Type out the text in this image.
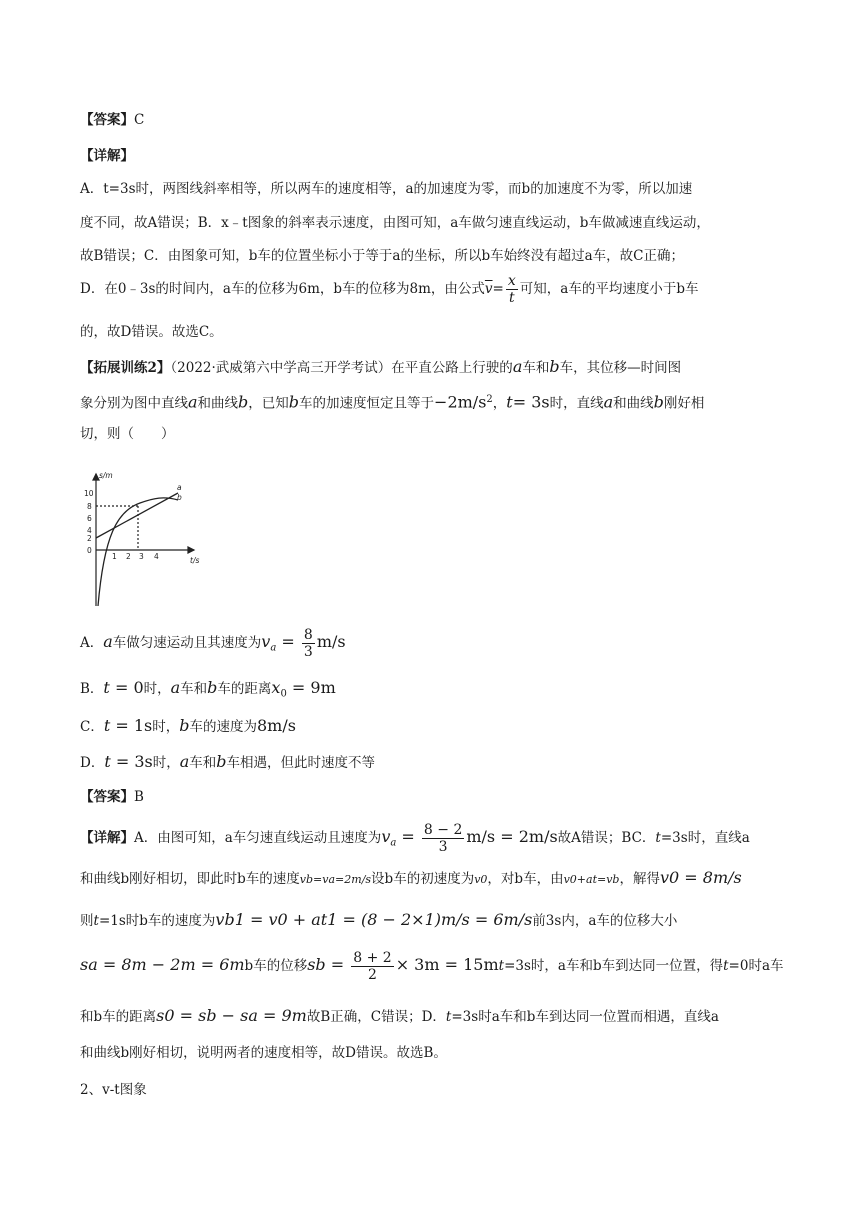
【答案】C
【详解】
A．t=3s时，两图线斜率相等，所以两车的速度相等，a的加速度为零，而b的加速度不为零，所以加速
度不同，故A错误；B．x﹣t图象的斜率表示速度，由图可知，a车做匀速直线运动，b车做减速直线运动，
故B错误；C．由图象可知，b车的位置坐标小于等于a的坐标，所以b车始终没有超过a车，故C正确；
D．在0﹣3s的时间内，a车的位移为6m，b车的位移为8m，由公式$\overline{v}= \frac{x}{t}$ 可知，a车的平均速度小于b车
的，故D错误。故选C。
【拓展训练2】（2022·武威第六中学高三开学考试）在平直公路上行驶的a车和b车，其位移—时间图
象分别为图中直线a和曲线b，已知b车的加速度恒定且等于$-2m/s^2$，t= 3s时，直线a和曲线b刚好相
切，则（　　）
s/m
t/s
10
8
6
4
2
0
1 2 3 4
a
b
A．a车做匀速运动且其速度为$v_a = \frac{8}{3} m/s$
B．t = 0时，a车和b车的距离$x_0 = 9m$
C．t = 1s时，b车的速度为8m/s
D．t = 3s时，a车和b车相遇，但此时速度不等
【答案】B
【详解】A．由图可知，a车匀速直线运动且速度为$v_a = \frac{8 - 2}{3} m/s = 2m/s$故A错误；BC．t=3s时，直线a
和曲线b刚好相切，即此时b车的速度vb=va=2m/s设b车的初速度为v0，对b车，由v0+at=vb，解得v0 = 8m/s
则t=1s时b车的速度为vb1 = v0 + at1 = (8 − 2×1)m/s = 6m/s前3s内，a车的位移大小
sa = 8m − 2m = 6mb车的位移sb = $\frac{8 + 2}{2} \times 3m = 15mt=3s$时，a车和b车到达同一位置，得t=0时a车
和b车的距离s0 = sb − sa = 9m故B正确，C错误；D．t=3s时a车和b车到达同一位置而相遇，直线a
和曲线b刚好相切，说明两者的速度相等，故D错误。故选B。
2、v-t图象
